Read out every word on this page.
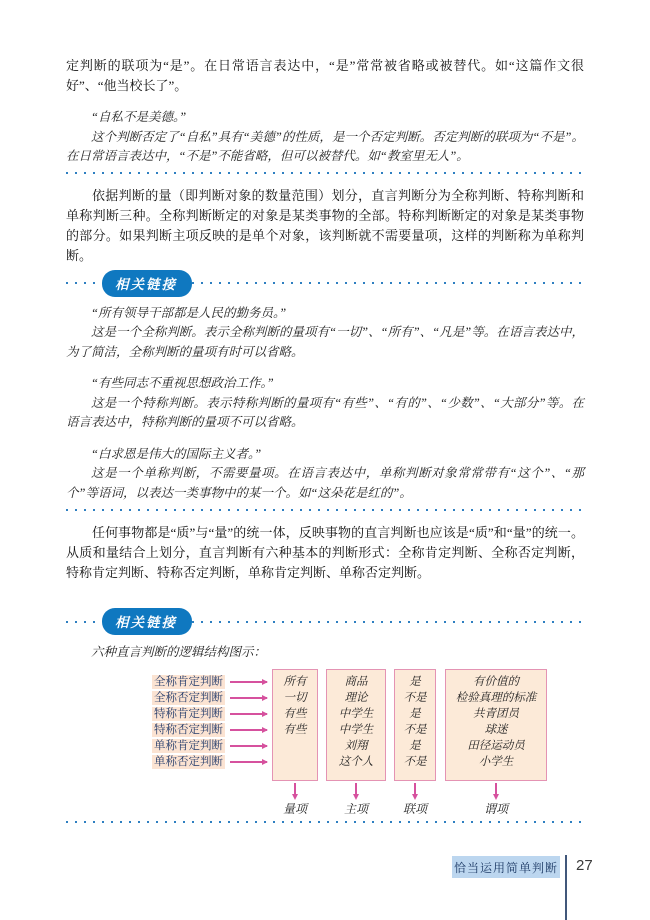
定判断的联项为“是”。在日常语言表达中，“是”常常被省略或被替代。如“这篇作文很好”、“他当校长了”。

“自私不是美德。”

这个判断否定了“自私”具有“美德”的性质，是一个否定判断。否定判断的联项为“不是”。在日常语言表达中，“不是”不能省略，但可以被替代。如“教室里无人”。

依据判断的量（即判断对象的数量范围）划分，直言判断分为全称判断、特称判断和单称判断三种。全称判断断定的对象是某类事物的全部。特称判断断定的对象是某类事物的部分。如果判断主项反映的是单个对象，该判断就不需要量项，这样的判断称为单称判断。

相关链接

“所有领导干部都是人民的勤务员。”

这是一个全称判断。表示全称判断的量项有“一切”、“所有”、“凡是”等。在语言表达中，为了简洁，全称判断的量项有时可以省略。

“有些同志不重视思想政治工作。”

这是一个特称判断。表示特称判断的量项有“有些”、“有的”、“少数”、“大部分”等。在语言表达中，特称判断的量项不可以省略。

“白求恩是伟大的国际主义者。”

这是一个单称判断，不需要量项。在语言表达中，单称判断对象常常带有“这个”、“那个”等语词，以表达一类事物中的某一个。如“这朵花是红的”。

任何事物都是“质”与“量”的统一体，反映事物的直言判断也应该是“质”和“量”的统一。从质和量结合上划分，直言判断有六种基本的判断形式：全称肯定判断、全称否定判断，特称肯定判断、特称否定判断，单称肯定判断、单称否定判断。

相关链接

六种直言判断的逻辑结构图示：

全称肯定判断
全称否定判断
特称肯定判断
特称否定判断
单称肯定判断
单称否定判断
所有
一切
有些
有些
量项
商品
理论
中学生
中学生
刘翔
这个人
主项
是
不是
是
不是
是
不是
联项
有价值的
检验真理的标准
共青团员
球迷
田径运动员
小学生
谓项
恰当运用简单判断 27
